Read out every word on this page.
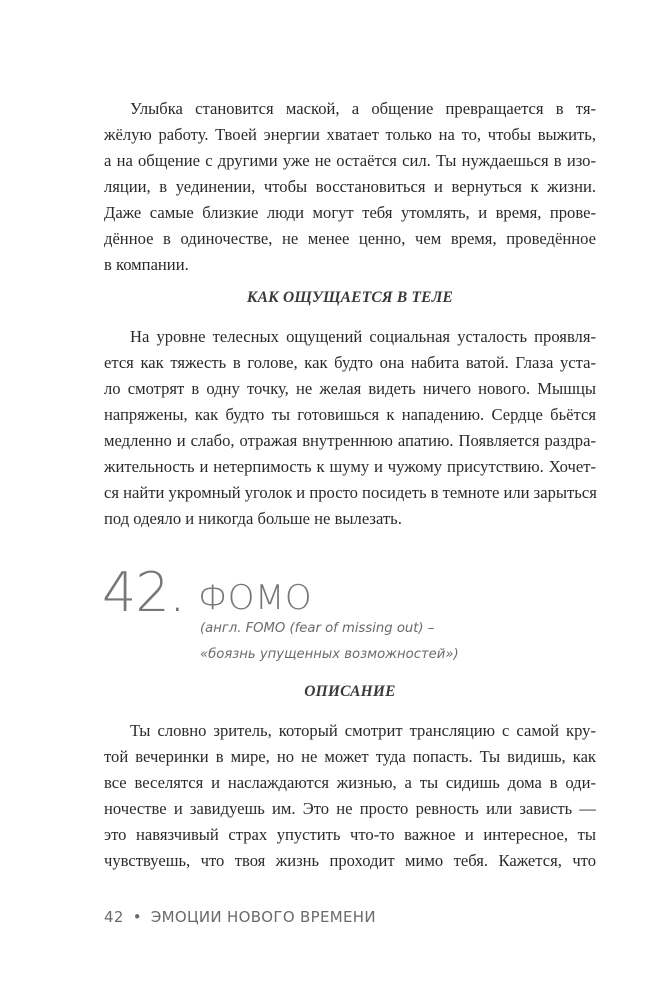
Улыбка становится маской, а общение превращается в тя-
жёлую работу. Твоей энергии хватает только на то, чтобы выжить,
а на общение с другими уже не остаётся сил. Ты нуждаешься в изо-
ляции, в уединении, чтобы восстановиться и вернуться к жизни.
Даже самые близкие люди могут тебя утомлять, и время, прове-
дённое в одиночестве, не менее ценно, чем время, проведённое
в компании.
КАК ОЩУЩАЕТСЯ В ТЕЛЕ
На уровне телесных ощущений социальная усталость проявля-
ется как тяжесть в голове, как будто она набита ватой. Глаза уста-
ло смотрят в одну точку, не желая видеть ничего нового. Мышцы
напряжены, как будто ты готовишься к нападению. Сердце бьётся
медленно и слабо, отражая внутреннюю апатию. Появляется раздра-
жительность и нетерпимость к шуму и чужому присутствию. Хочет-
ся найти укромный уголок и просто посидеть в темноте или зарыться
под одеяло и никогда больше не вылезать.
42. ФОМО
(англ. FOMO (fear of missing out) –
«боязнь упущенных возможностей»)
ОПИСАНИЕ
Ты словно зритель, который смотрит трансляцию с самой кру-
той вечеринки в мире, но не может туда попасть. Ты видишь, как
все веселятся и наслаждаются жизнью, а ты сидишь дома в оди-
ночестве и завидуешь им. Это не просто ревность или зависть —
это навязчивый страх упустить что-то важное и интересное, ты
чувствуешь, что твоя жизнь проходит мимо тебя. Кажется, что
42 • ЭМОЦИИ НОВОГО ВРЕМЕНИ
